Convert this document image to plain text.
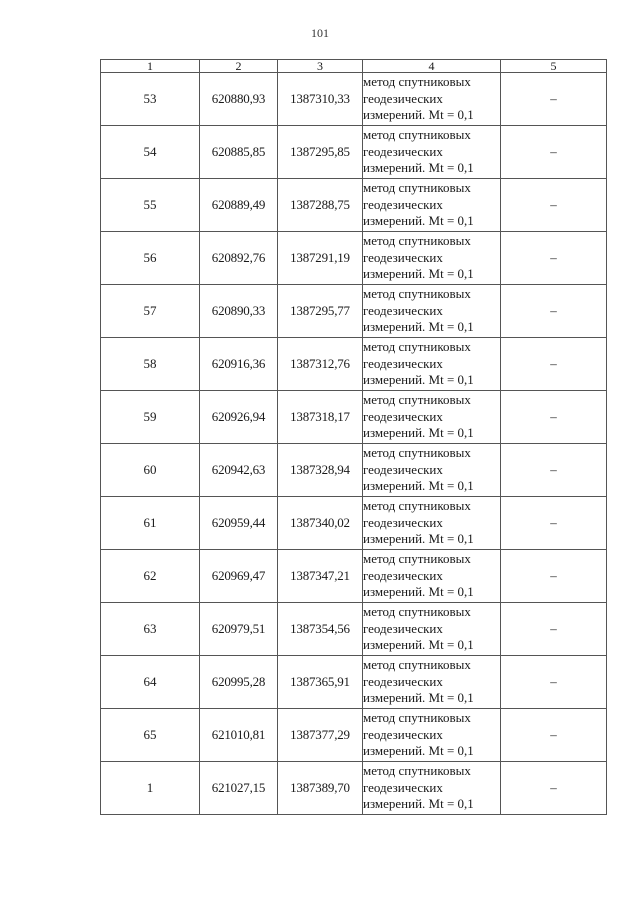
101
1	2	3	4	5
53	620880,93	1387310,33	метод спутниковых
геодезических
измерений. Mt = 0,1	–
54	620885,85	1387295,85	метод спутниковых
геодезических
измерений. Mt = 0,1	–
55	620889,49	1387288,75	метод спутниковых
геодезических
измерений. Mt = 0,1	–
56	620892,76	1387291,19	метод спутниковых
геодезических
измерений. Mt = 0,1	–
57	620890,33	1387295,77	метод спутниковых
геодезических
измерений. Mt = 0,1	–
58	620916,36	1387312,76	метод спутниковых
геодезических
измерений. Mt = 0,1	–
59	620926,94	1387318,17	метод спутниковых
геодезических
измерений. Mt = 0,1	–
60	620942,63	1387328,94	метод спутниковых
геодезических
измерений. Mt = 0,1	–
61	620959,44	1387340,02	метод спутниковых
геодезических
измерений. Mt = 0,1	–
62	620969,47	1387347,21	метод спутниковых
геодезических
измерений. Mt = 0,1	–
63	620979,51	1387354,56	метод спутниковых
геодезических
измерений. Mt = 0,1	–
64	620995,28	1387365,91	метод спутниковых
геодезических
измерений. Mt = 0,1	–
65	621010,81	1387377,29	метод спутниковых
геодезических
измерений. Mt = 0,1	–
1	621027,15	1387389,70	метод спутниковых
геодезических
измерений. Mt = 0,1	–
